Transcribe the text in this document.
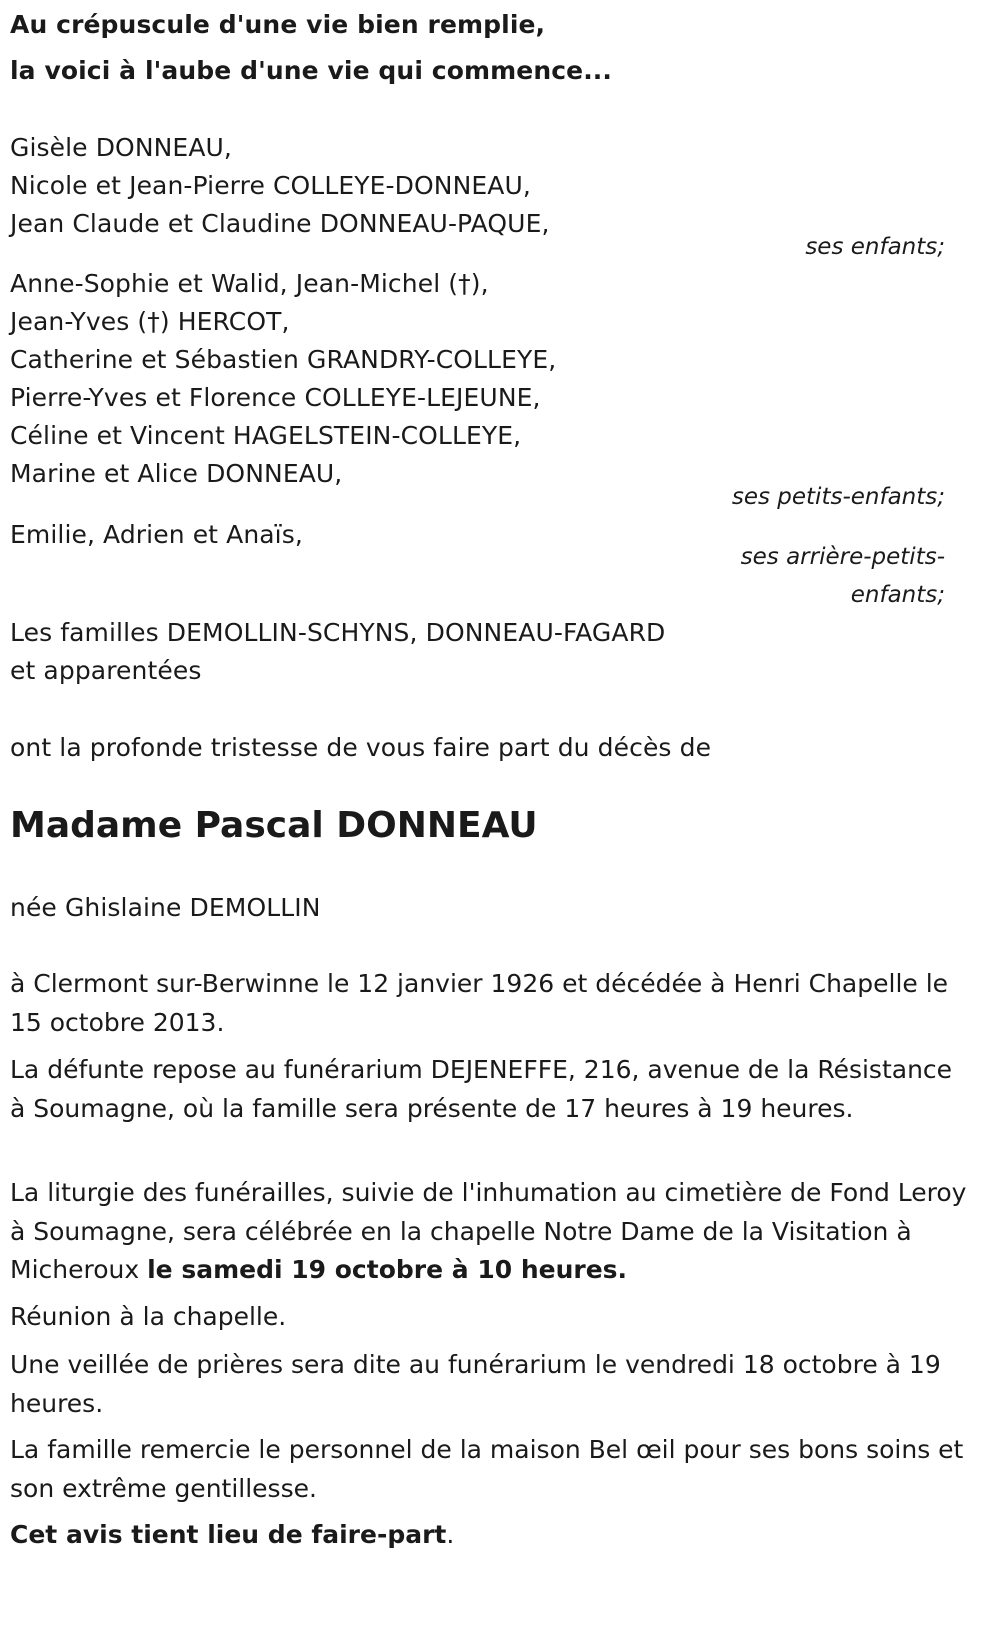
Au crépuscule d'une vie bien remplie,
la voici à l'aube d'une vie qui commence...
Gisèle DONNEAU,
Nicole et Jean-Pierre COLLEYE-DONNEAU,
Jean Claude et Claudine DONNEAU-PAQUE,
ses enfants;
Anne-Sophie et Walid, Jean-Michel (†),
Jean-Yves (†) HERCOT,
Catherine et Sébastien GRANDRY-COLLEYE,
Pierre-Yves et Florence COLLEYE-LEJEUNE,
Céline et Vincent HAGELSTEIN-COLLEYE,
Marine et Alice DONNEAU,
ses petits-enfants;
Emilie, Adrien et Anaïs,
ses arrière-petits-
enfants;
Les familles DEMOLLIN-SCHYNS, DONNEAU-FAGARD
et apparentées
ont la profonde tristesse de vous faire part du décès de
Madame Pascal DONNEAU
née Ghislaine DEMOLLIN
à Clermont sur-Berwinne le 12 janvier 1926 et décédée à Henri Chapelle le 15 octobre 2013.
La défunte repose au funérarium DEJENEFFE, 216, avenue de la Résistance à Soumagne, où la famille sera présente de 17 heures à 19 heures.
La liturgie des funérailles, suivie de l'inhumation au cimetière de Fond Leroy à Soumagne, sera célébrée en la chapelle Notre Dame de la Visitation à Micheroux le samedi 19 octobre à 10 heures.
Réunion à la chapelle.
Une veillée de prières sera dite au funérarium le vendredi 18 octobre à 19 heures.
La famille remercie le personnel de la maison Bel œil pour ses bons soins et son extrême gentillesse.
Cet avis tient lieu de faire-part.
